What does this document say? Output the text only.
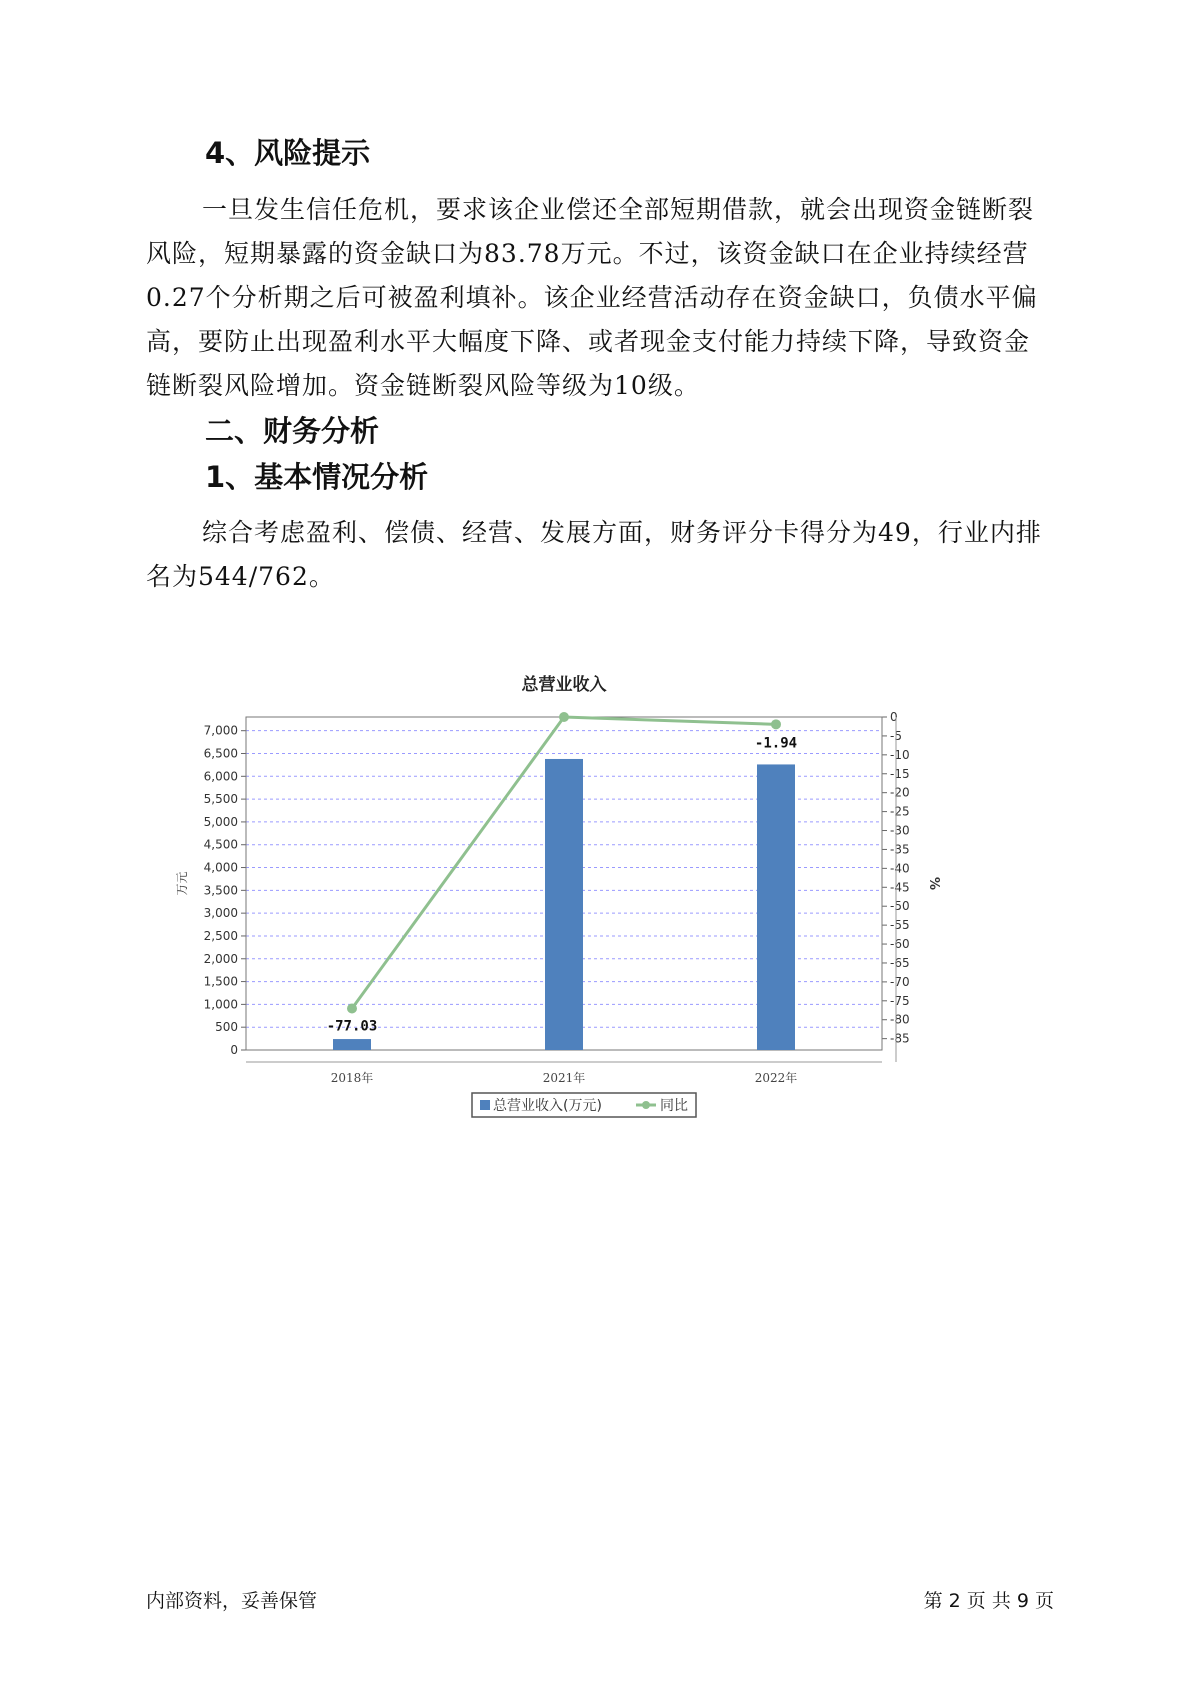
4、风险提示

一旦发生信任危机，要求该企业偿还全部短期借款，就会出现资金链断裂风险，短期暴露的资金缺口为83.78万元。不过，该资金缺口在企业持续经营 0.27个分析期之后可被盈利填补。该企业经营活动存在资金缺口，负债水平偏高，要防止出现盈利水平大幅度下降、或者现金支付能力持续下降，导致资金链断裂风险增加。资金链断裂风险等级为10级。

二、财务分析
1、基本情况分析

综合考虑盈利、偿债、经营、发展方面，财务评分卡得分为49，行业内排名为544/762。

总营业收入
0
500
1,000
1,500
2,000
2,500
3,000
3,500
4,000
4,500
5,000
5,500
6,000
6,500
7,000
0
-5
-10
-15
-20
-25
-30
-35
-40
-45
-50
-55
-60
-65
-70
-75
-80
-85
万元	%
2018年	2021年	2022年
-77.03
-1.94
总营业收入(万元)	同比
内部资料，妥善保管	第 2 页 共 9 页
